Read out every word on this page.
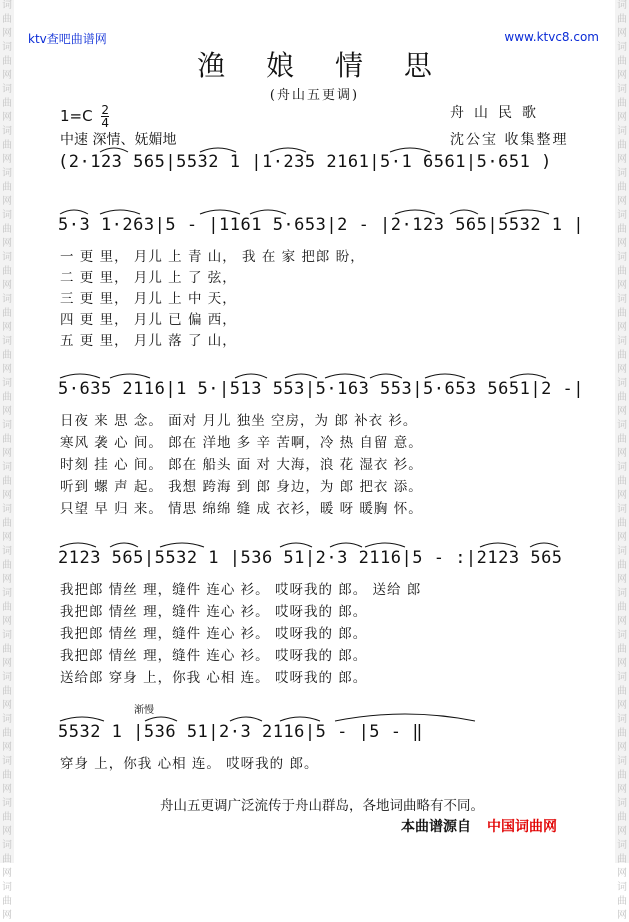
词
曲
网
词
曲
网
词
曲
网
词
曲
网
词
曲
网
词
曲
网
词
曲
网
词
曲
网
词
曲
网
词
曲
网
词
曲
网
词
曲
网
词
曲
网
词
曲
网
词
曲
网
词
曲
网
词
曲
网
词
曲
网
词
曲
网
词
曲
网
词
曲
网
词
曲
网
词
曲
网
词
曲
网
词
曲
网
词
曲
网
词
曲
网
词
曲
网
词
曲
网
词
曲
网
词
曲
网
词
曲
网
词
曲
网
词
曲
网
词
曲
网
词
曲
网
词
曲
网
词
曲
网
词
曲
网
词
曲
网
词
曲
网
词
曲
网
词
曲
网
词
曲
网
ktv查吧曲谱网	www.ktvc8.com
渔 娘 情 思
(舟山五更调)
$1=C \frac{2}{4}$	舟山民歌
中速 深情、妩媚地	沈公宝 收集整理
(2·123 565|5532 1 |1·235 2161|5·1 6561|5·651 )
5·3 1·263|5 - |1161 5·653|2 - |2·123 565|5532 1 |
一 更 里， 月儿 上 青 山， 我 在 家 把郎 盼，
二 更 里， 月儿 上 了 弦，
三 更 里， 月儿 上 中 天，
四 更 里， 月儿 已 偏 西，
五 更 里， 月儿 落 了 山，
5·635 2116|1 5·|513 553|5·163 553|5·653 5651|2 -|
日夜 来 思 念。 面对 月儿 独坐 空房，为 郎 补衣 衫。
寒风 袭 心 间。 郎在 洋地 多 辛 苦啊，冷 热 自留 意。
时刻 挂 心 间。 郎在 船头 面 对 大海，浪 花 湿衣 衫。
听到 螺 声 起。 我想 跨海 到 郎 身边，为 郎 把衣 添。
只望 早 归 来。 情思 绵绵 缝 成 衣衫，暖 呀 暖胸 怀。
2123 565|5532 1 |536 51|2·3 2116|5 - :|2123 565
我把郎 情丝 理，缝件 连心 衫。 哎呀我的 郎。 送给 郎
我把郎 情丝 理，缝件 连心 衫。 哎呀我的 郎。
我把郎 情丝 理，缝件 连心 衫。 哎呀我的 郎。
我把郎 情丝 理，缝件 连心 衫。 哎呀我的 郎。
送给郎 穿身 上，你我 心相 连。 哎呀我的 郎。
渐慢
5532 1 |536 51|2·3 2116|5 - |5 - ‖
穿身 上，你我 心相 连。 哎呀我的 郎。
舟山五更调广泛流传于舟山群岛，各地词曲略有不同。
本曲谱源自 中国词曲网
